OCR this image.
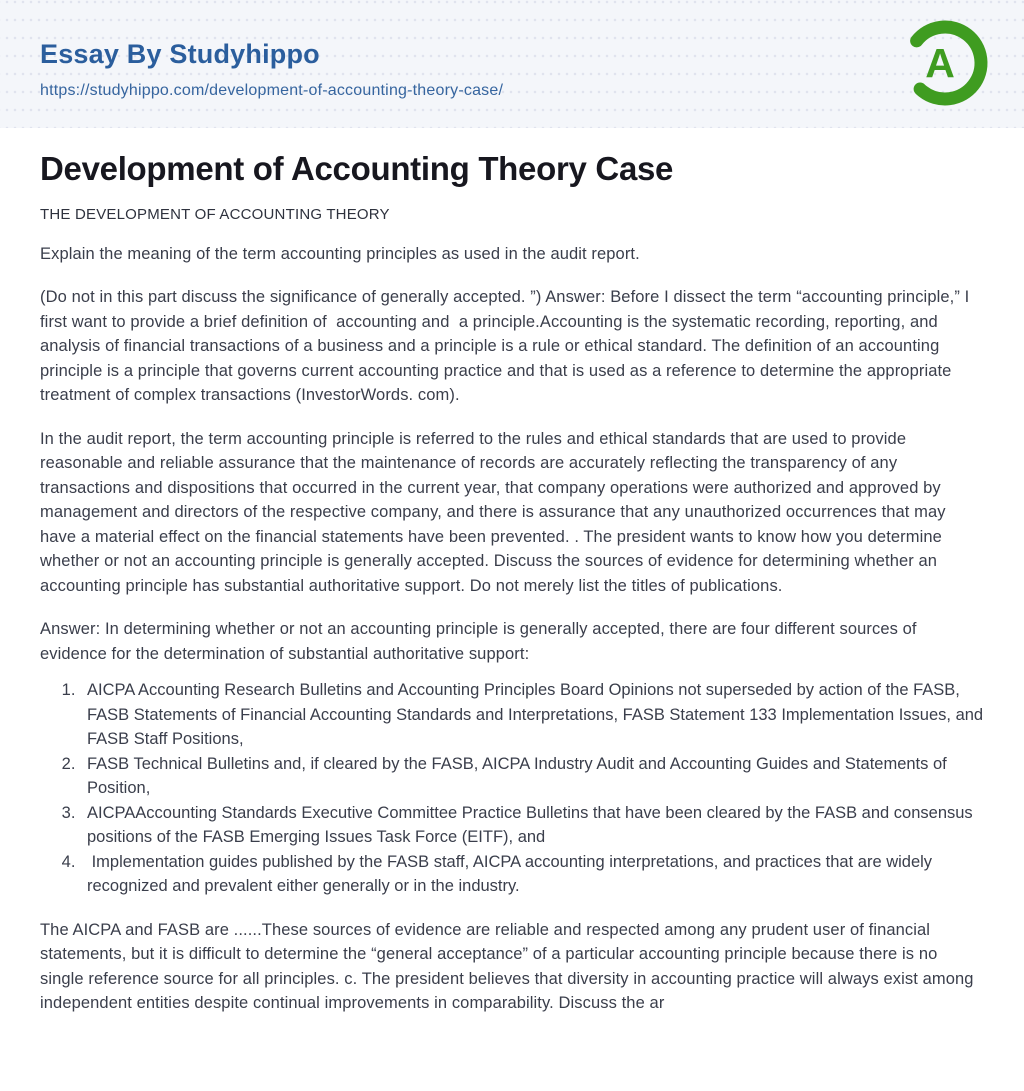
Essay By Studyhippo
https://studyhippo.com/development-of-accounting-theory-case/
A
Development of Accounting Theory Case
THE DEVELOPMENT OF ACCOUNTING THEORY

Explain the meaning of the term accounting principles as used in the audit report.

(Do not in this part discuss the significance of generally accepted. ”) Answer: Before I dissect the term “accounting principle,” I first want to provide a brief definition of  accounting and  a principle.Accounting is the systematic recording, reporting, and analysis of financial transactions of a business and a principle is a rule or ethical standard. The definition of an accounting principle is a principle that governs current accounting practice and that is used as a reference to determine the appropriate treatment of complex transactions (InvestorWords. com).

In the audit report, the term accounting principle is referred to the rules and ethical standards that are used to provide reasonable and reliable assurance that the maintenance of records are accurately reflecting the transparency of any transactions and dispositions that occurred in the current year, that company operations were authorized and approved by management and directors of the respective company, and there is assurance that any unauthorized occurrences that may have a material effect on the financial statements have been prevented. . The president wants to know how you determine whether or not an accounting principle is generally accepted. Discuss the sources of evidence for determining whether an accounting principle has substantial authoritative support. Do not merely list the titles of publications.

Answer: In determining whether or not an accounting principle is generally accepted, there are four different sources of evidence for the determination of substantial authoritative support:

1. AICPA Accounting Research Bulletins and Accounting Principles Board Opinions not superseded by action of the FASB, FASB Statements of Financial Accounting Standards and Interpretations, FASB Statement 133 Implementation Issues, and FASB Staff Positions,
2. FASB Technical Bulletins and, if cleared by the FASB, AICPA Industry Audit and Accounting Guides and Statements of Position,
3. AICPAAccounting Standards Executive Committee Practice Bulletins that have been cleared by the FASB and consensus positions of the FASB Emerging Issues Task Force (EITF), and
4.  Implementation guides published by the FASB staff, AICPA accounting interpretations, and practices that are widely recognized and prevalent either generally or in the industry.

The AICPA and FASB are ......These sources of evidence are reliable and respected among any prudent user of financial statements, but it is difficult to determine the “general acceptance” of a particular accounting principle because there is no single reference source for all principles. c. The president believes that diversity in accounting practice will always exist among independent entities despite continual improvements in comparability. Discuss the ar
